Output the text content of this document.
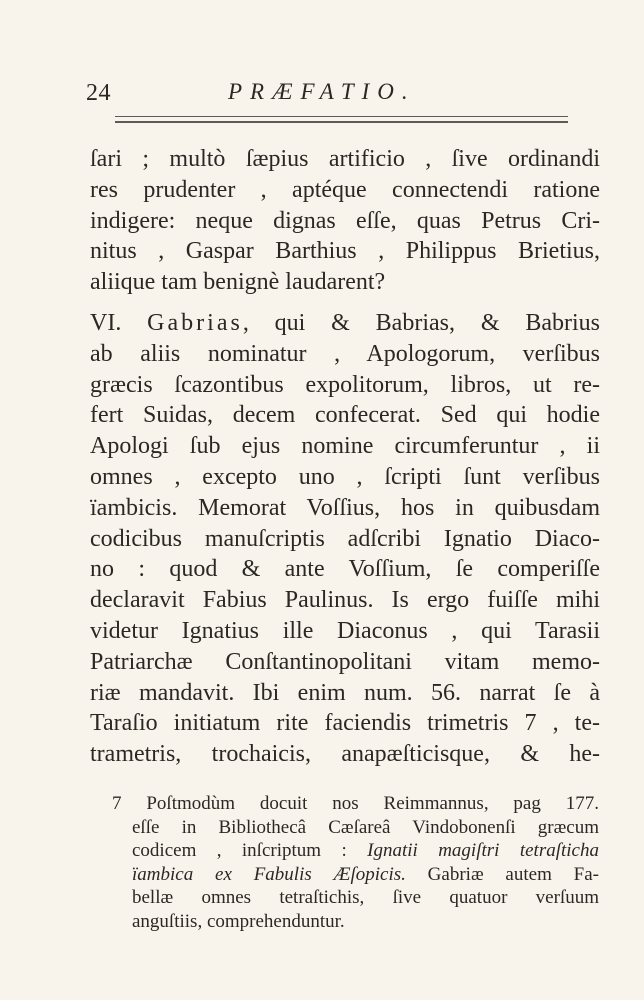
24	PRÆFATIO.
ſari ; multò ſæpius artificio , ſive ordinandi
res prudenter , aptéque connectendi ratione
indigere: neque dignas eſſe, quas Petrus Cri-
nitus , Gaspar Barthius , Philippus Brietius,
aliique tam benignè laudarent?
VI. Gabrias, qui & Babrias, & Babrius
ab aliis nominatur , Apologorum, verſibus
græcis ſcazontibus expolitorum, libros, ut re-
fert Suidas, decem confecerat. Sed qui hodie
Apologi ſub ejus nomine circumferuntur , ii
omnes , excepto uno , ſcripti ſunt verſibus
ïambicis. Memorat Voſſius, hos in quibusdam
codicibus manuſcriptis adſcribi Ignatio Diaco-
no : quod & ante Voſſium, ſe comperiſſe
declaravit Fabius Paulinus. Is ergo fuiſſe mihi
videtur Ignatius ille Diaconus , qui Tarasii
Patriarchæ Conſtantinopolitani vitam memo-
riæ mandavit. Ibi enim num. 56. narrat ſe à
Taraſio initiatum rite faciendis trimetris 7 , te-
trametris, trochaicis, anapæſticisque, & he-
7 Poſtmodùm docuit nos Reimmannus, pag 177.
eſſe in Bibliothecâ Cæſareâ Vindobonenſi græcum
codicem , inſcriptum : Ignatii magiſtri tetraſticha
ïambica ex Fabulis Æſopicis. Gabriæ autem Fa-
bellæ omnes tetraſtichis, ſive quatuor verſuum
anguſtiis, comprehenduntur.
